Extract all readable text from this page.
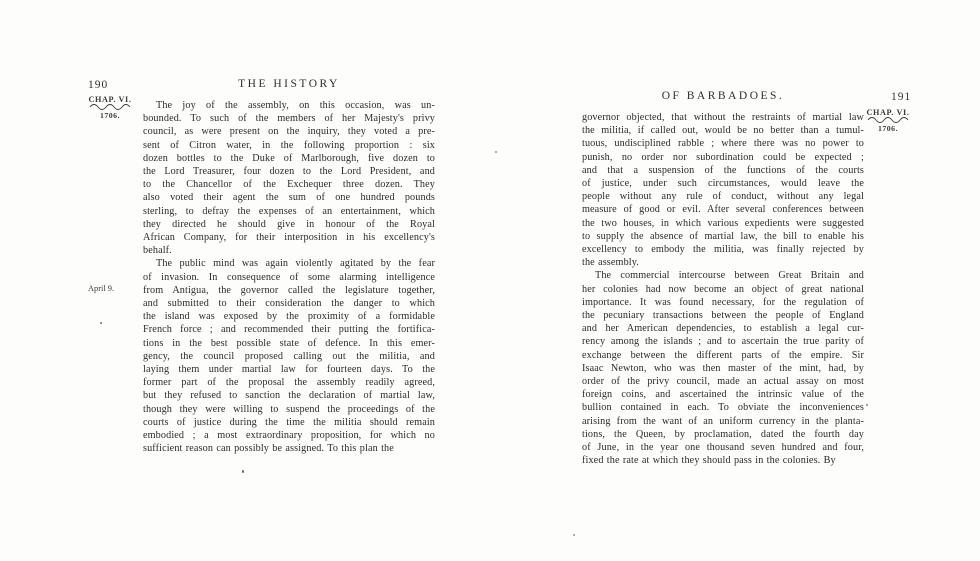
190	THE HISTORY
CHAP. VI.
1706.
April 9.
The joy of the assembly, on this occasion, was un-
bounded. To such of the members of her Majesty's privy
council, as were present on the inquiry, they voted a pre-
sent of Citron water, in the following proportion : six
dozen bottles to the Duke of Marlborough, five dozen to
the Lord Treasurer, four dozen to the Lord President, and
to the Chancellor of the Exchequer three dozen. They
also voted their agent the sum of one hundred pounds
sterling, to defray the expenses of an entertainment, which
they directed he should give in honour of the Royal
African Company, for their interposition in his excellency's
behalf.
The public mind was again violently agitated by the fear
of invasion. In consequence of some alarming intelligence
from Antigua, the governor called the legislature together,
and submitted to their consideration the danger to which
the island was exposed by the proximity of a formidable
French force ; and recommended their putting the fortifica-
tions in the best possible state of defence. In this emer-
gency, the council proposed calling out the militia, and
laying them under martial law for fourteen days. To the
former part of the proposal the assembly readily agreed,
but they refused to sanction the declaration of martial law,
though they were willing to suspend the proceedings of the
courts of justice during the time the militia should remain
embodied ; a most extraordinary proposition, for which no
sufficient reason can possibly be assigned. To this plan the
OF BARBADOES.	191
CHAP. VI.
1706.
governor objected, that without the restraints of martial law
the militia, if called out, would be no better than a tumul-
tuous, undisciplined rabble ; where there was no power to
punish, no order nor subordination could be expected ;
and that a suspension of the functions of the courts
of justice, under such circumstances, would leave the
people without any rule of conduct, without any legal
measure of good or evil. After several conferences between
the two houses, in which various expedients were suggested
to supply the absence of martial law, the bill to enable his
excellency to embody the militia, was finally rejected by
the assembly.
The commercial intercourse between Great Britain and
her colonies had now become an object of great national
importance. It was found necessary, for the regulation of
the pecuniary transactions between the people of England
and her American dependencies, to establish a legal cur-
rency among the islands ; and to ascertain the true parity of
exchange between the different parts of the empire. Sir
Isaac Newton, who was then master of the mint, had, by
order of the privy council, made an actual assay on most
foreign coins, and ascertained the intrinsic value of the
bullion contained in each. To obviate the inconveniences
arising from the want of an uniform currency in the planta-
tions, the Queen, by proclamation, dated the fourth day
of June, in the year one thousand seven hundred and four,
fixed the rate at which they should pass in the colonies. By
